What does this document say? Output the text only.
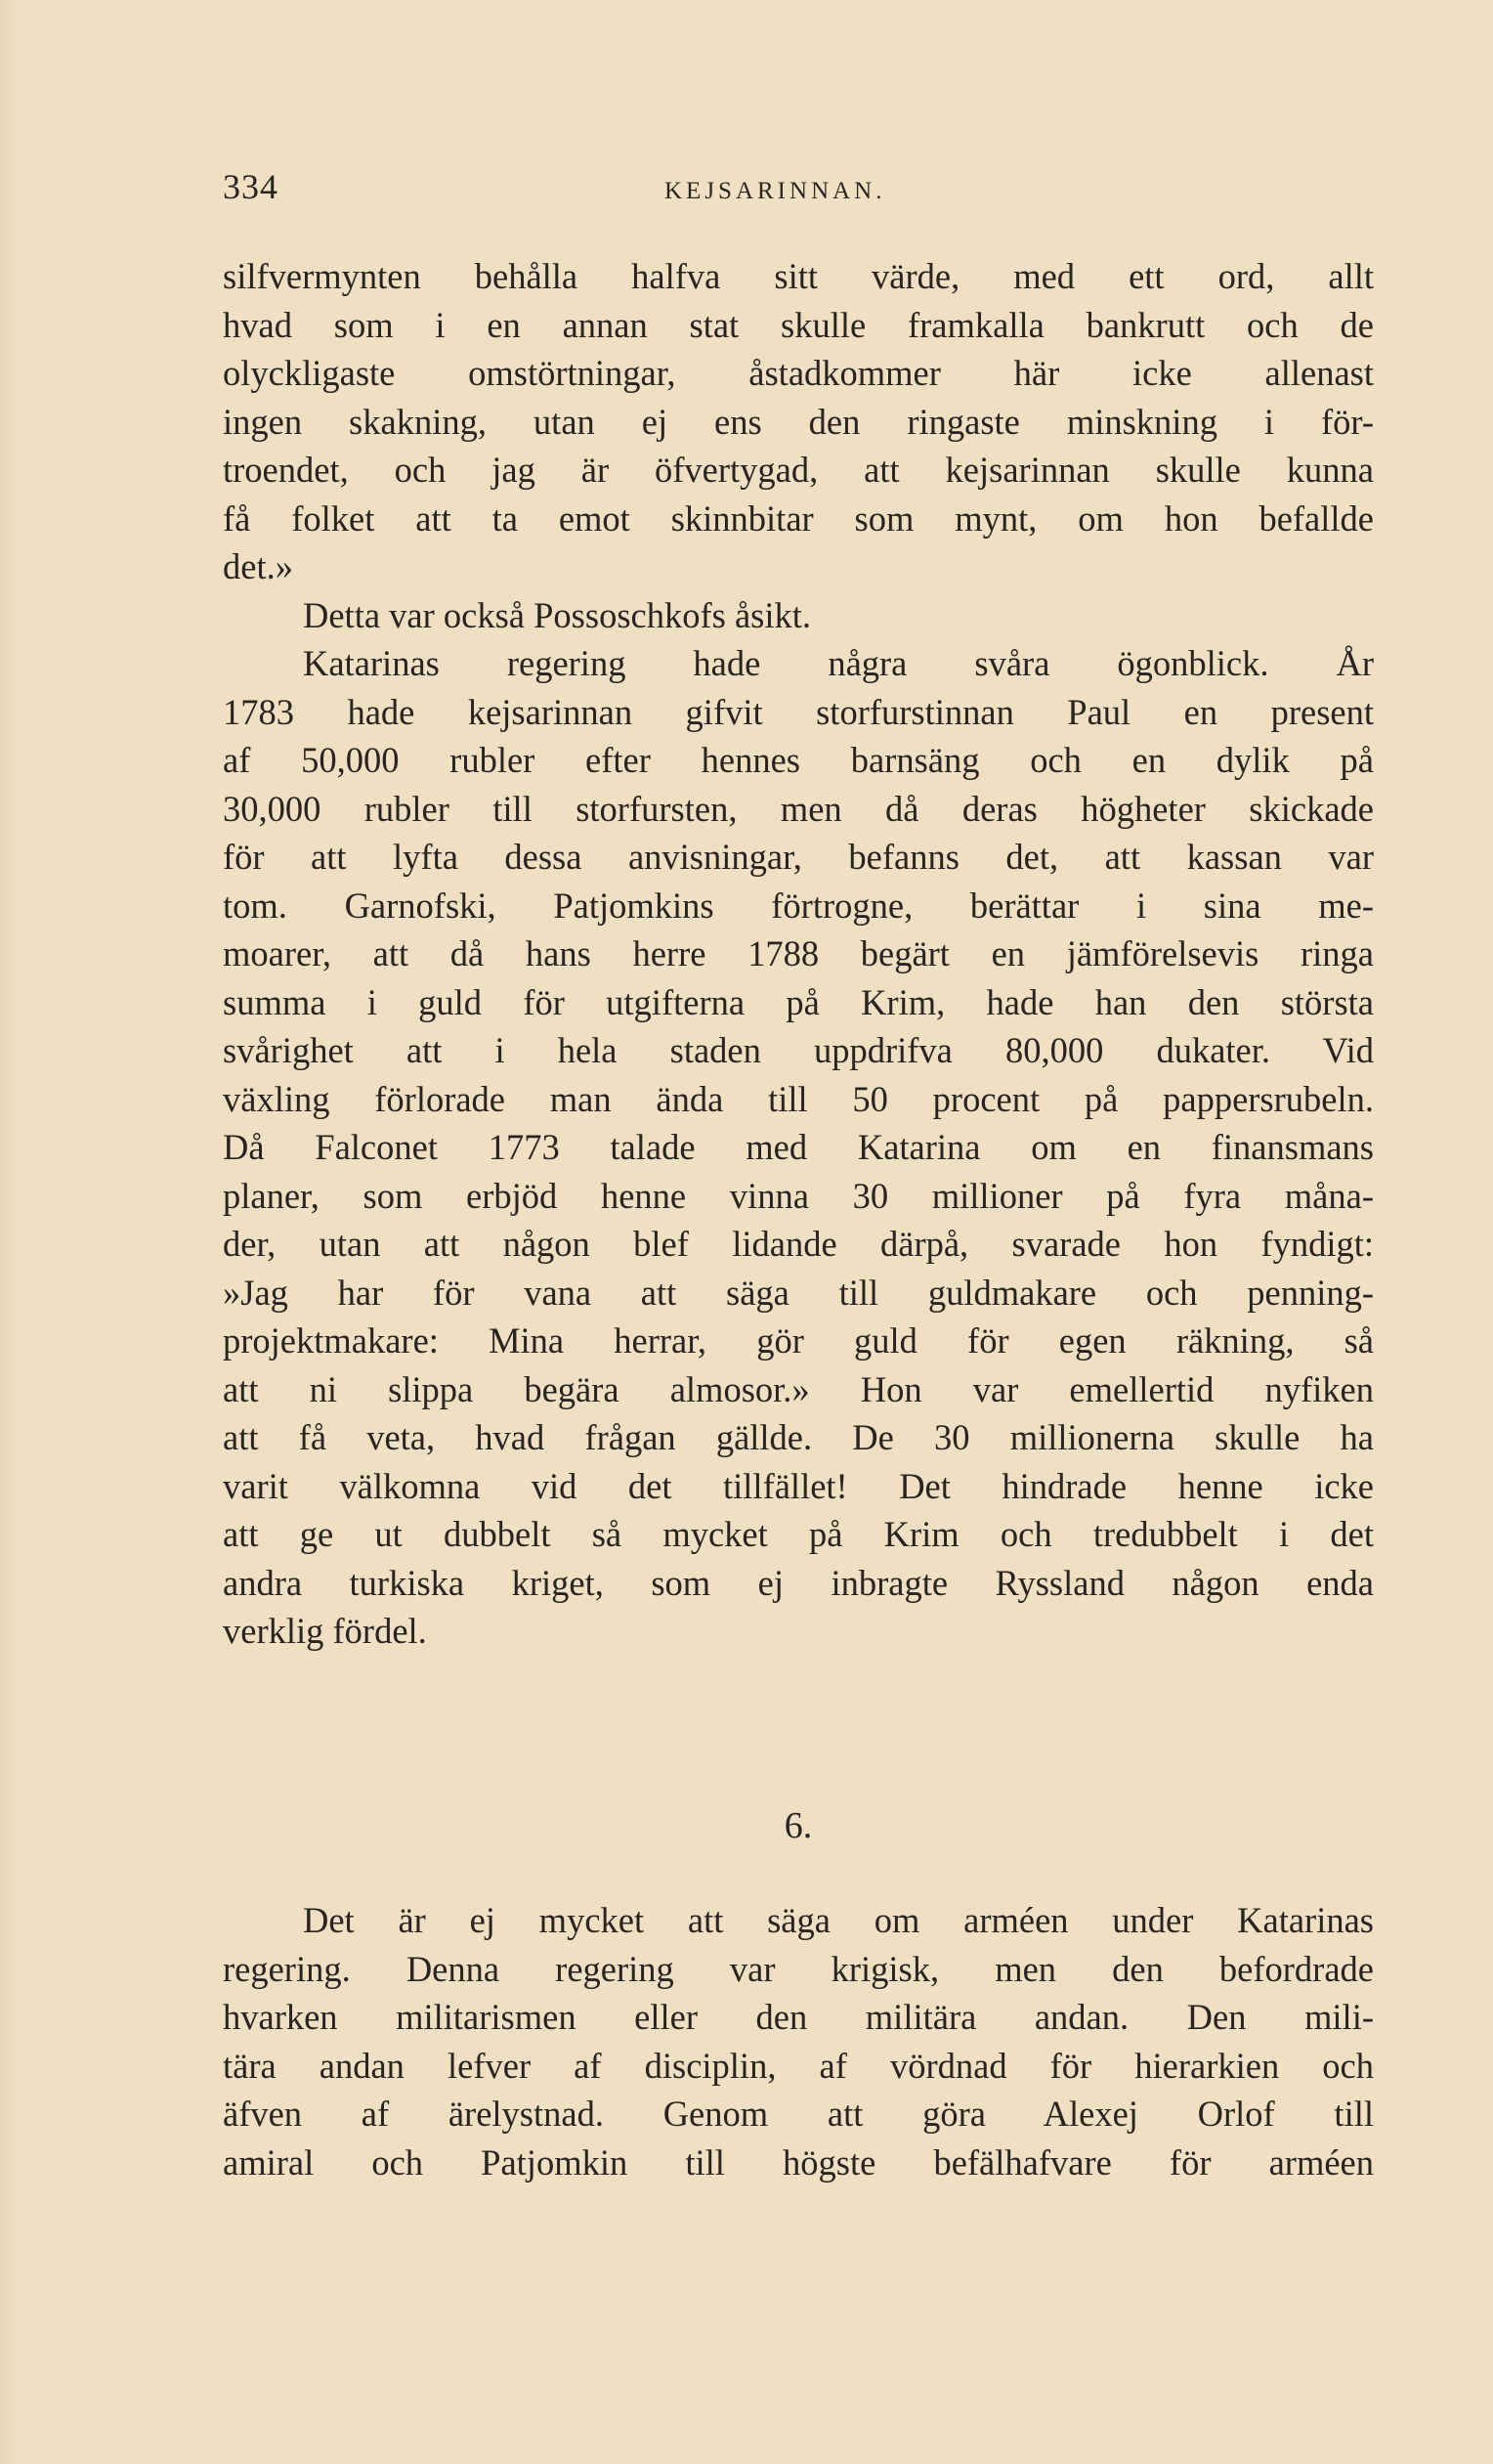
334	KEJSARINNAN.
silfvermynten behålla halfva sitt värde, med ett ord, allt
hvad som i en annan stat skulle framkalla bankrutt och de
olyckligaste omstörtningar, åstadkommer här icke allenast
ingen skakning, utan ej ens den ringaste minskning i för-
troendet, och jag är öfvertygad, att kejsarinnan skulle kunna
få folket att ta emot skinnbitar som mynt, om hon befallde
det.»
Detta var också Possoschkofs åsikt.
Katarinas regering hade några svåra ögonblick. År
1783 hade kejsarinnan gifvit storfurstinnan Paul en present
af 50,000 rubler efter hennes barnsäng och en dylik på
30,000 rubler till storfursten, men då deras högheter skickade
för att lyfta dessa anvisningar, befanns det, att kassan var
tom. Garnofski, Patjomkins förtrogne, berättar i sina me-
moarer, att då hans herre 1788 begärt en jämförelsevis ringa
summa i guld för utgifterna på Krim, hade han den största
svårighet att i hela staden uppdrifva 80,000 dukater. Vid
växling förlorade man ända till 50 procent på pappersrubeln.
Då Falconet 1773 talade med Katarina om en finansmans
planer, som erbjöd henne vinna 30 millioner på fyra måna-
der, utan att någon blef lidande därpå, svarade hon fyndigt:
»Jag har för vana att säga till guldmakare och penning-
projektmakare: Mina herrar, gör guld för egen räkning, så
att ni slippa begära almosor.» Hon var emellertid nyfiken
att få veta, hvad frågan gällde. De 30 millionerna skulle ha
varit välkomna vid det tillfället! Det hindrade henne icke
att ge ut dubbelt så mycket på Krim och tredubbelt i det
andra turkiska kriget, som ej inbragte Ryssland någon enda
verklig fördel.
6.
Det är ej mycket att säga om arméen under Katarinas
regering. Denna regering var krigisk, men den befordrade
hvarken militarismen eller den militära andan. Den mili-
tära andan lefver af disciplin, af vördnad för hierarkien och
äfven af ärelystnad. Genom att göra Alexej Orlof till
amiral och Patjomkin till högste befälhafvare för arméen
